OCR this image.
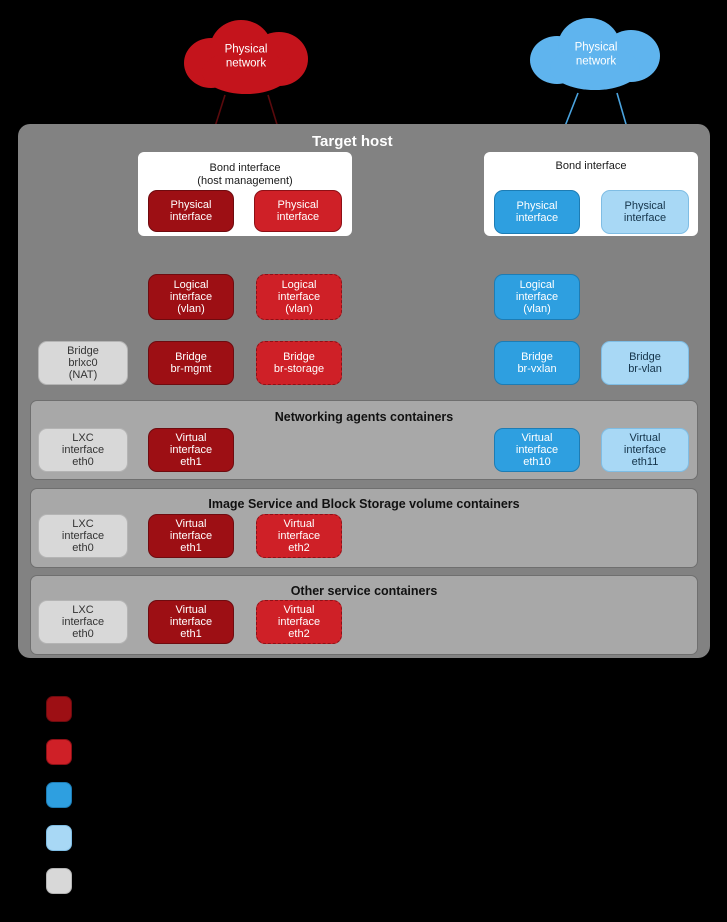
Physical
network
Physical
network
Target host
Bond interface
(host management)
Physical
interface
Physical
interface
Bond interface
Physical
interface
Physical
interface
Logical
interface
(vlan)
Logical
interface
(vlan)
Logical
interface
(vlan)
Bridge
brlxc0
(NAT)
Bridge
br-mgmt
Bridge
br-storage
Bridge
br-vxlan
Bridge
br-vlan
Networking agents containers
LXC
interface
eth0
Virtual
interface
eth1
Virtual
interface
eth10
Virtual
interface
eth11
Image Service and Block Storage volume containers
LXC
interface
eth0
Virtual
interface
eth1
Virtual
interface
eth2
Other service containers
LXC
interface
eth0
Virtual
interface
eth1
Virtual
interface
eth2
